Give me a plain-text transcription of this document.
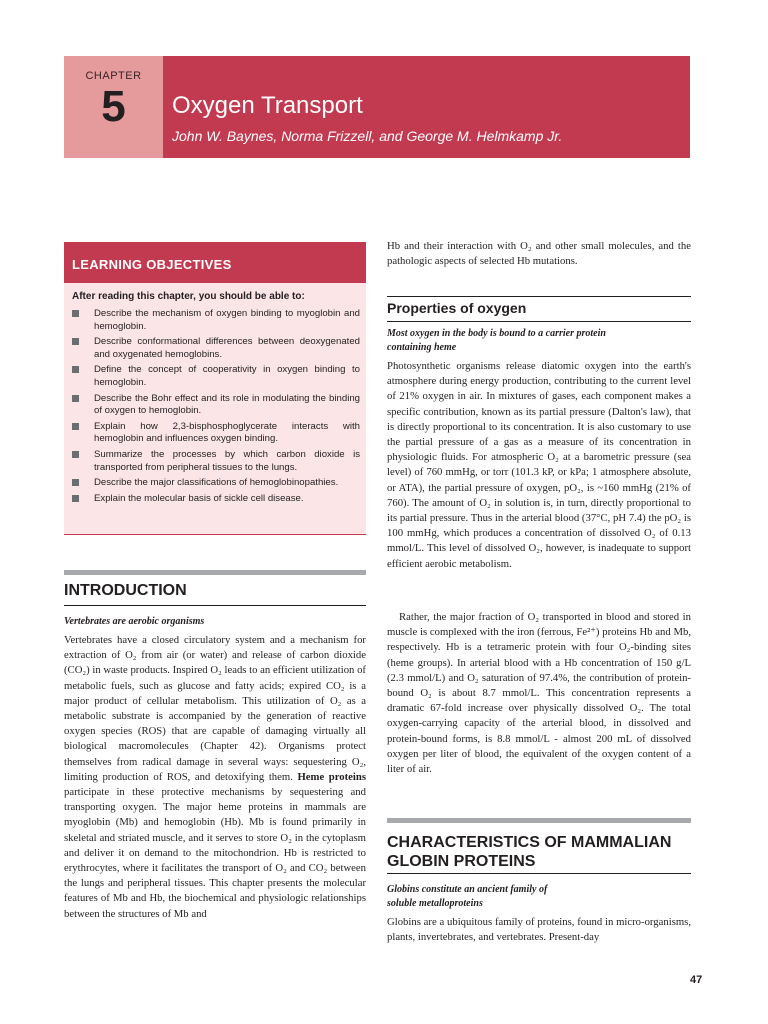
CHAPTER
5	Oxygen Transport
John W. Baynes, Norma Frizzell, and George M. Helmkamp Jr.
LEARNING OBJECTIVES
After reading this chapter, you should be able to:
Describe the mechanism of oxygen binding to myoglobin and hemoglobin.
Describe conformational differences between deoxygenated and oxygenated hemoglobins.
Define the concept of cooperativity in oxygen binding to hemoglobin.
Describe the Bohr effect and its role in modulating the binding of oxygen to hemoglobin.
Explain how 2,3-bisphosphoglycerate interacts with hemoglobin and influences oxygen binding.
Summarize the processes by which carbon dioxide is transported from peripheral tissues to the lungs.
Describe the major classifications of hemoglobinopathies.
Explain the molecular basis of sickle cell disease.
INTRODUCTION
Vertebrates are aerobic organisms

Vertebrates have a closed circulatory system and a mechanism for extraction of O₂ from air (or water) and release of carbon dioxide (CO₂) in waste products. Inspired O₂ leads to an efficient utilization of metabolic fuels, such as glucose and fatty acids; expired CO₂ is a major product of cellular metabolism. This utilization of O₂ as a metabolic substrate is accompanied by the generation of reactive oxygen species (ROS) that are capable of damaging virtually all biological macromolecules (Chapter 42). Organisms protect themselves from radical damage in several ways: sequestering O₂, limiting production of ROS, and detoxifying them. Heme proteins participate in these protective mechanisms by sequestering and transporting oxygen. The major heme proteins in mammals are myoglobin (Mb) and hemoglobin (Hb). Mb is found primarily in skeletal and striated muscle, and it serves to store O₂ in the cytoplasm and deliver it on demand to the mitochondrion. Hb is restricted to erythrocytes, where it facilitates the transport of O₂ and CO₂ between the lungs and peripheral tissues. This chapter presents the molecular features of Mb and Hb, the biochemical and physiologic relationships between the structures of Mb and

Hb and their interaction with O₂ and other small molecules, and the pathologic aspects of selected Hb mutations.

Properties of oxygen
Most oxygen in the body is bound to a carrier protein
containing heme

Photosynthetic organisms release diatomic oxygen into the earth's atmosphere during energy production, contributing to the current level of 21% oxygen in air. In mixtures of gases, each component makes a specific contribution, known as its partial pressure (Dalton's law), that is directly proportional to its concentration. It is also customary to use the partial pressure of a gas as a measure of its concentration in physiologic fluids. For atmospheric O₂ at a barometric pressure (sea level) of 760 mmHg, or torr (101.3 kP, or kPa; 1 atmosphere absolute, or ATA), the partial pressure of oxygen, pO₂, is ~160 mmHg (21% of 760). The amount of O₂ in solution is, in turn, directly proportional to its partial pressure. Thus in the arterial blood (37°C, pH 7.4) the pO₂ is 100 mmHg, which produces a concentration of dissolved O₂ of 0.13 mmol/L. This level of dissolved O₂, however, is inadequate to support efficient aerobic metabolism.

Rather, the major fraction of O₂ transported in blood and stored in muscle is complexed with the iron (ferrous, Fe²⁺) proteins Hb and Mb, respectively. Hb is a tetrameric protein with four O₂-binding sites (heme groups). In arterial blood with a Hb concentration of 150 g/L (2.3 mmol/L) and O₂ saturation of 97.4%, the contribution of protein-bound O₂ is about 8.7 mmol/L. This concentration represents a dramatic 67-fold increase over physically dissolved O₂. The total oxygen-carrying capacity of the arterial blood, in dissolved and protein-bound forms, is 8.8 mmol/L - almost 200 mL of dissolved oxygen per liter of blood, the equivalent of the oxygen content of a liter of air.

CHARACTERISTICS OF MAMMALIAN
GLOBIN PROTEINS
Globins constitute an ancient family of
soluble metalloproteins

Globins are a ubiquitous family of proteins, found in micro-organisms, plants, invertebrates, and vertebrates. Present-day

47
